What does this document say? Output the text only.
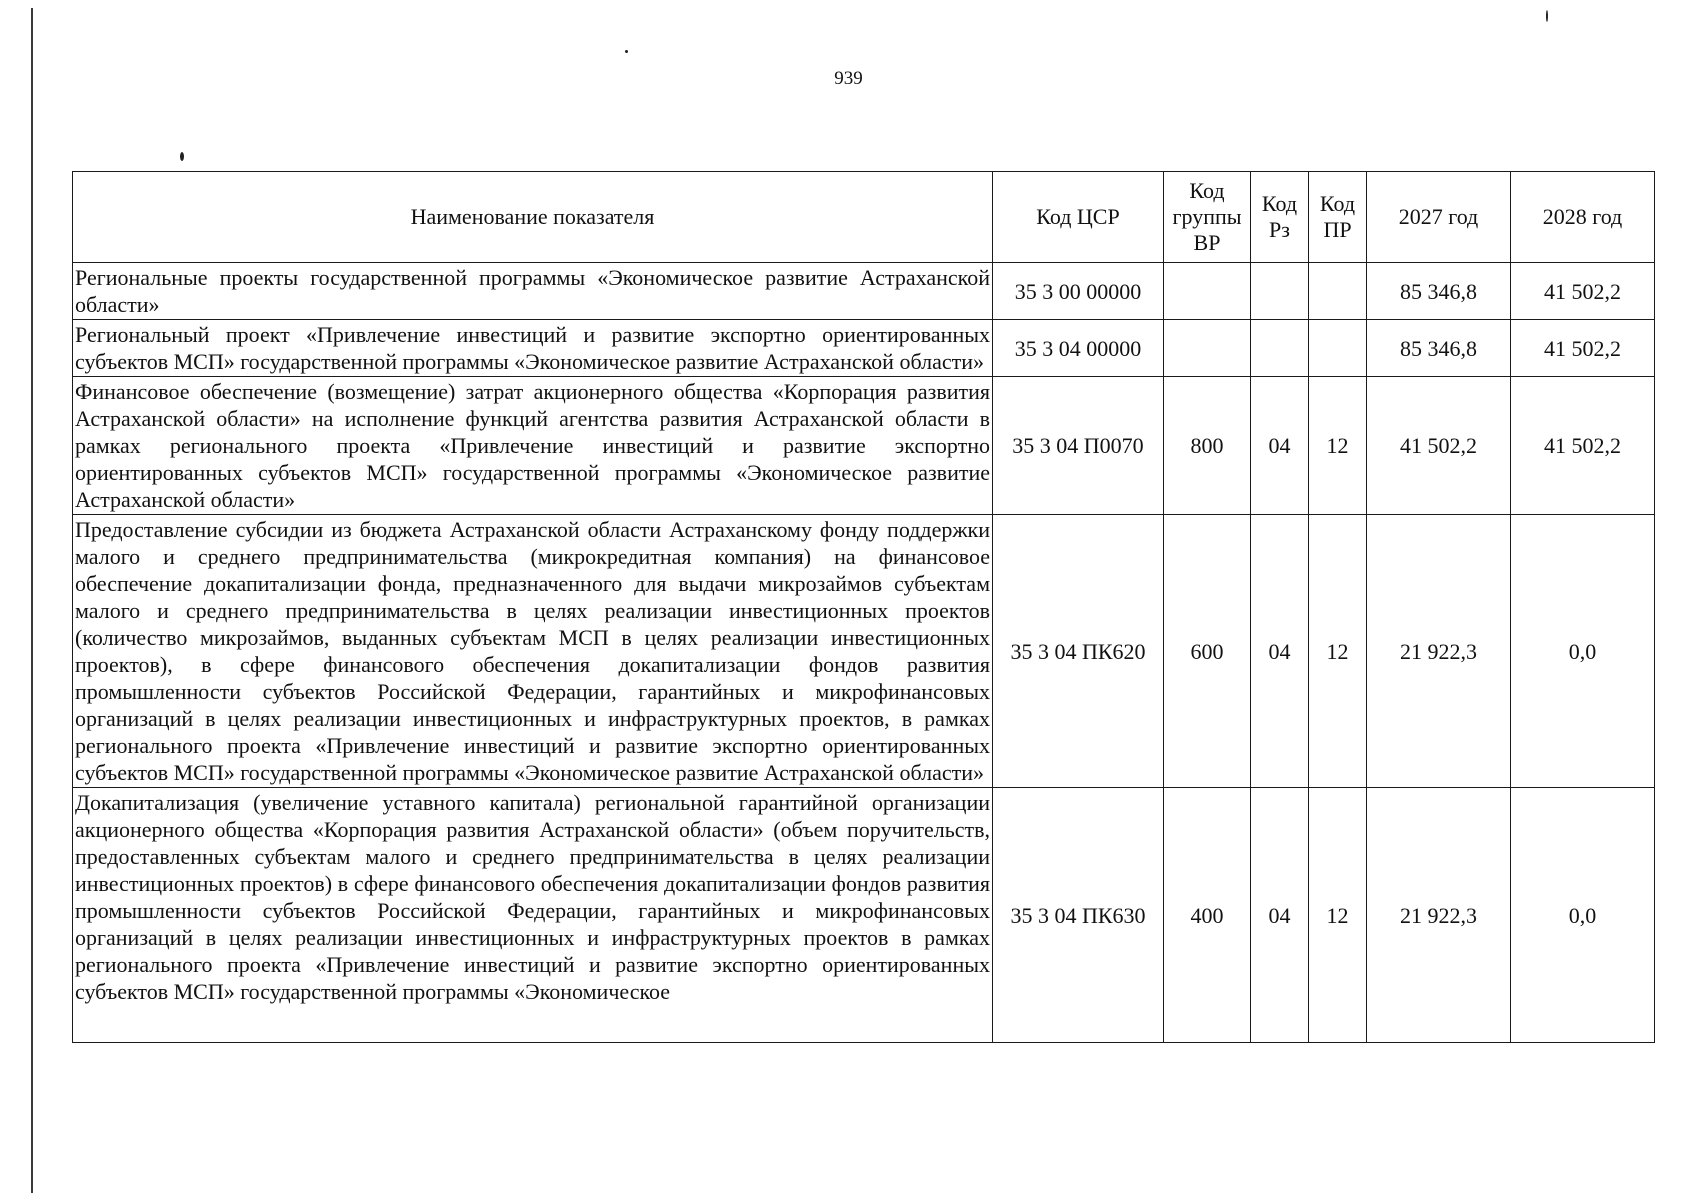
939
Наименование показателя	Код ЦСР	Код группы ВР	Код Рз	Код ПР	2027 год	2028 год
Региональные проекты государственной программы «Экономическое развитие Астраханской области»	35 3 00 00000				85 346,8	41 502,2
Региональный проект «Привлечение инвестиций и развитие экспортно ориентированных субъектов МСП» государственной программы «Экономическое развитие Астраханской области»	35 3 04 00000				85 346,8	41 502,2
Финансовое обеспечение (возмещение) затрат акционерного общества «Корпорация развития Астраханской области» на исполнение функций агентства развития Астраханской области в рамках регионального проекта «Привлечение инвестиций и развитие экспортно ориентированных субъектов МСП» государственной программы «Экономическое развитие Астраханской области»	35 3 04 П0070	800	04	12	41 502,2	41 502,2
Предоставление субсидии из бюджета Астраханской области Астраханскому фонду поддержки малого и среднего предпринимательства (микрокредитная компания) на финансовое обеспечение докапитализации фонда, предназначенного для выдачи микрозаймов субъектам малого и среднего предпринимательства в целях реализации инвестиционных проектов (количество микрозаймов, выданных субъектам МСП в целях реализации инвестиционных проектов), в сфере финансового обеспечения докапитализации фондов развития промышленности субъектов Российской Федерации, гарантийных и микрофинансовых организаций в целях реализации инвестиционных и инфраструктурных проектов, в рамках регионального проекта «Привлечение инвестиций и развитие экспортно ориентированных субъектов МСП» государственной программы «Экономическое развитие Астраханской области»	35 3 04 ПК620	600	04	12	21 922,3	0,0

Докапитализация (увеличение уставного капитала) региональной гарантийной организации акционерного общества «Корпорация развития Астраханской области» (объем поручительств, предоставленных субъектам малого и среднего предпринимательства в целях реализации инвестиционных проектов) в сфере финансового обеспечения докапитализации фондов развития промышленности субъектов Российской Федерации, гарантийных и микрофинансовых организаций в целях реализации инвестиционных и инфраструктурных проектов в рамках регионального проекта «Привлечение инвестиций и развитие экспортно ориентированных субъектов МСП» государственной программы «Экономическое	35 3 04 ПК630	400	04	12	21 922,3	0,0
